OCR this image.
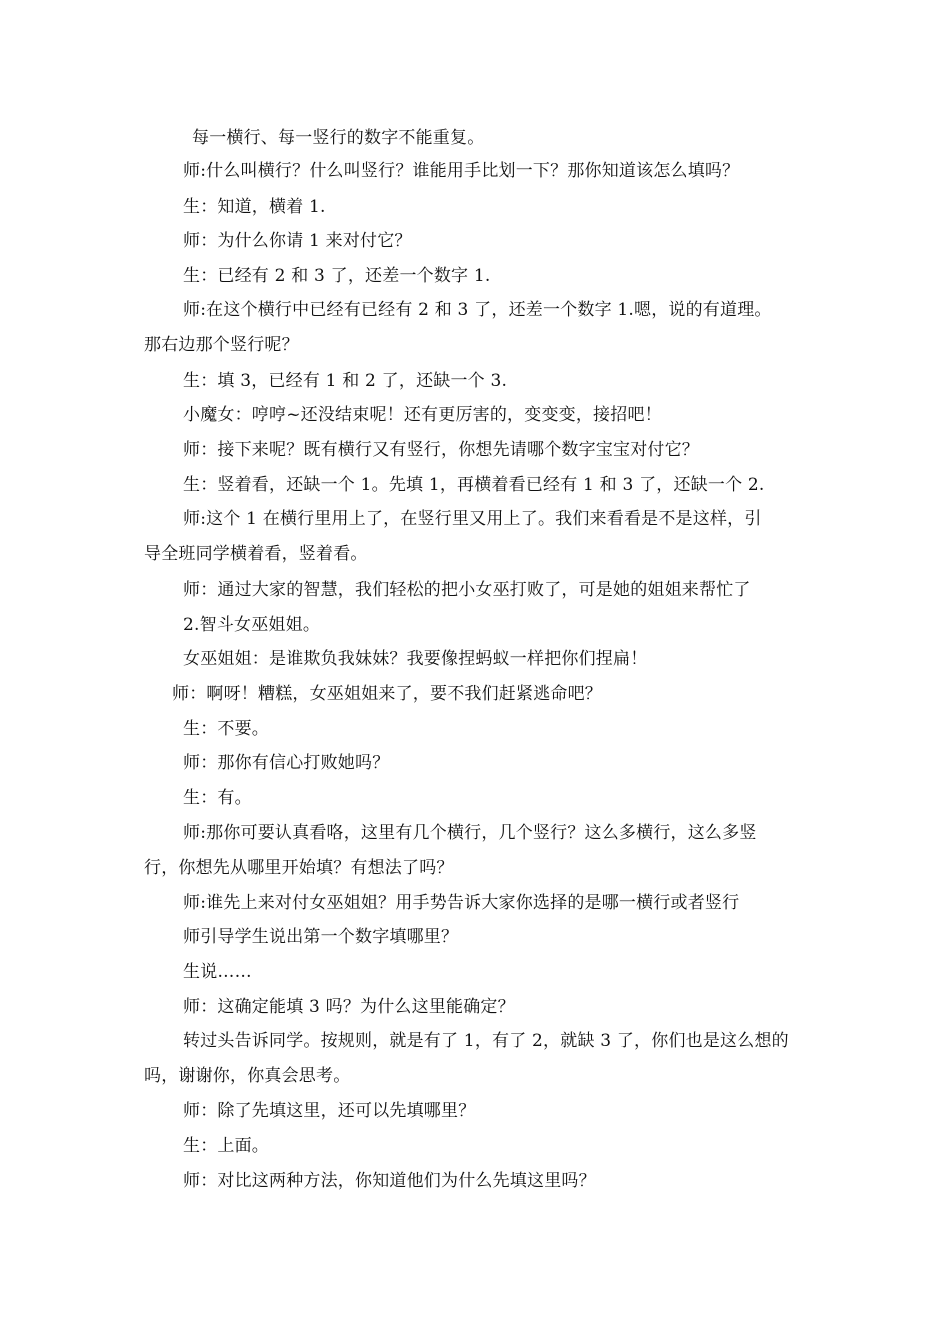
每一横行、每一竖行的数字不能重复。
师:什么叫横行？什么叫竖行？谁能用手比划一下？那你知道该怎么填吗？
生：知道，横着 1.
师：为什么你请 1 来对付它？
生：已经有 2 和 3 了，还差一个数字 1.
师:在这个横行中已经有已经有 2 和 3 了，还差一个数字 1.嗯，说的有道理。
那右边那个竖行呢？
生：填 3，已经有 1 和 2 了，还缺一个 3.
小魔女：哼哼~还没结束呢！还有更厉害的，变变变，接招吧！
师：接下来呢？既有横行又有竖行，你想先请哪个数字宝宝对付它？
生：竖着看，还缺一个 1。先填 1，再横着看已经有 1 和 3 了，还缺一个 2.
师:这个 1 在横行里用上了，在竖行里又用上了。我们来看看是不是这样，引
导全班同学横着看，竖着看。
师：通过大家的智慧，我们轻松的把小女巫打败了，可是她的姐姐来帮忙了
2.智斗女巫姐姐。
女巫姐姐：是谁欺负我妹妹？我要像捏蚂蚁一样把你们捏扁！
师：啊呀！糟糕，女巫姐姐来了，要不我们赶紧逃命吧？
生：不要。
师：那你有信心打败她吗？
生：有。
师:那你可要认真看咯，这里有几个横行，几个竖行？这么多横行，这么多竖
行，你想先从哪里开始填？有想法了吗？
师:谁先上来对付女巫姐姐？用手势告诉大家你选择的是哪一横行或者竖行
师引导学生说出第一个数字填哪里？
生说……
师：这确定能填 3 吗？为什么这里能确定？
转过头告诉同学。按规则，就是有了 1，有了 2，就缺 3 了，你们也是这么想的
吗，谢谢你，你真会思考。
师：除了先填这里，还可以先填哪里？
生：上面。
师：对比这两种方法，你知道他们为什么先填这里吗？
